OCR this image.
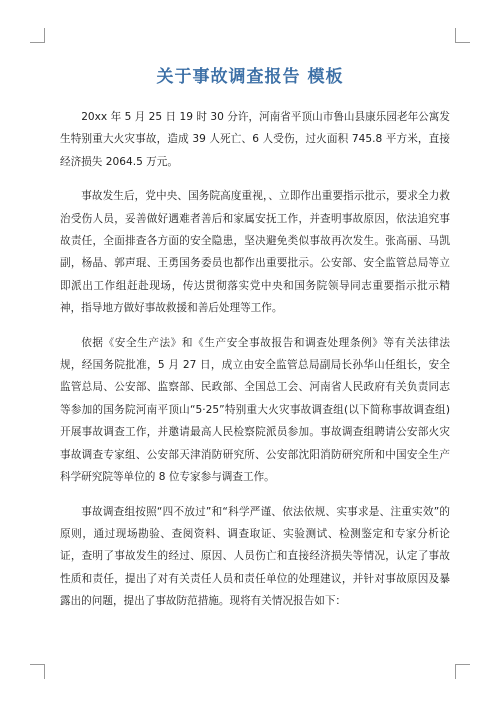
关于事故调查报告 模板

20xx 年 5 月 25 日 19 时 30 分许，河南省平顶山市鲁山县康乐园老年公寓发生特别重大火灾事故，造成 39 人死亡、6 人受伤，过火面积 745.8 平方米，直接经济损失 2064.5 万元。

事故发生后，党中央、国务院高度重视，、立即作出重要指示批示，要求全力救治受伤人员，妥善做好遇难者善后和家属安抚工作，并查明事故原因，依法追究事故责任，全面排查各方面的安全隐患，坚决避免类似事故再次发生。张高丽、马凯副，杨晶、郭声琨、王勇国务委员也都作出重要批示。公安部、安全监管总局等立即派出工作组赶赴现场，传达贯彻落实党中央和国务院领导同志重要指示批示精神，指导地方做好事故救援和善后处理等工作。

依据《安全生产法》和《生产安全事故报告和调查处理条例》等有关法律法规，经国务院批准，5 月 27 日，成立由安全监管总局副局长孙华山任组长，安全监管总局、公安部、监察部、民政部、全国总工会、河南省人民政府有关负责同志等参加的国务院河南平顶山“5·25”特别重大火灾事故调查组(以下简称事故调查组)开展事故调查工作，并邀请最高人民检察院派员参加。事故调查组聘请公安部火灾事故调查专家组、公安部天津消防研究所、公安部沈阳消防研究所和中国安全生产科学研究院等单位的 8 位专家参与调查工作。

事故调查组按照“四不放过”和“科学严谨、依法依规、实事求是、注重实效”的原则，通过现场勘验、查阅资料、调查取证、实验测试、检测鉴定和专家分析论证，查明了事故发生的经过、原因、人员伤亡和直接经济损失等情况，认定了事故性质和责任，提出了对有关责任人员和责任单位的处理建议，并针对事故原因及暴露出的问题，提出了事故防范措施。现将有关情况报告如下：
